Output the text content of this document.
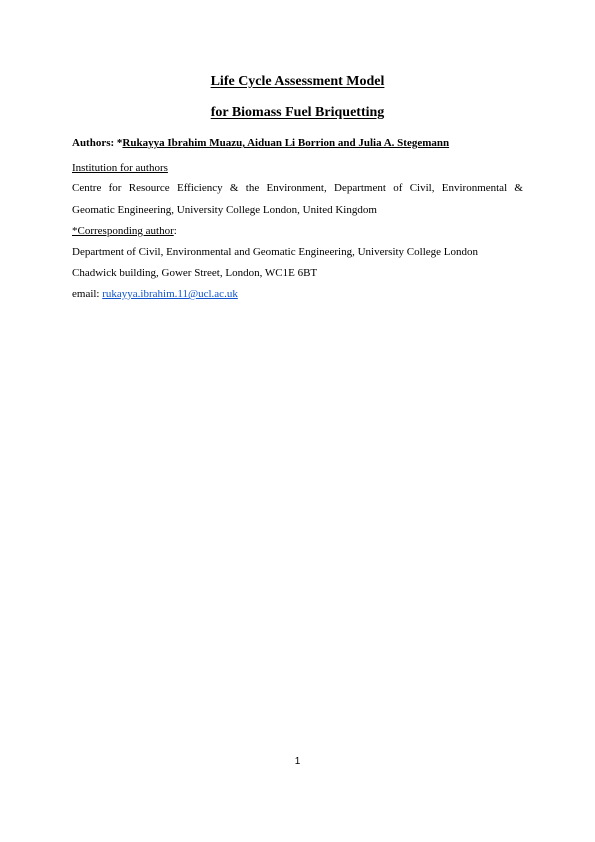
Life Cycle Assessment Model
for Biomass Fuel Briquetting
Authors: *Rukayya Ibrahim Muazu, Aiduan Li Borrion and Julia A. Stegemann
Institution for authors
Centre for Resource Efficiency & the Environment, Department of Civil, Environmental &
Geomatic Engineering, University College London, United Kingdom
*Corresponding author:
Department of Civil, Environmental and Geomatic Engineering, University College London
Chadwick building, Gower Street, London, WC1E 6BT
email: rukayya.ibrahim.11@ucl.ac.uk
1
